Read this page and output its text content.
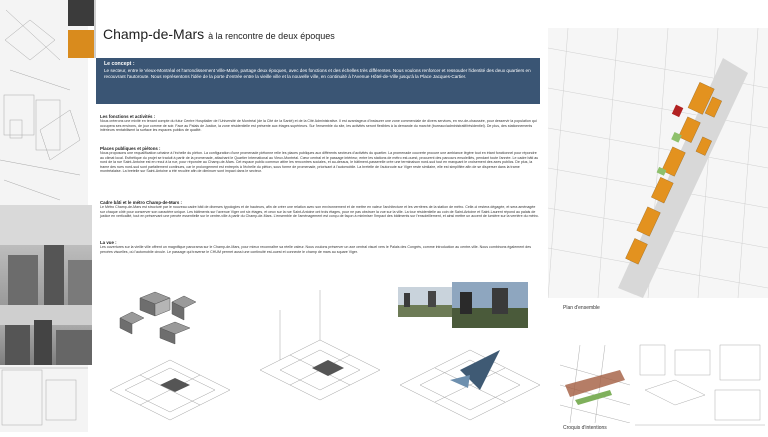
Champ-de-Mars à la rencontre de deux époques
Le concept :

Le secteur, entre le Vieux-Montréal et l'arrondissement Ville-Marie, partage deux époques, avec des fonctions et des échelles très différentes. Nous voulons renforcer et ressouder l'identité des deux quartiers en recouvrant l'autoroute. Nous représentons l'idée de la porte d'entrée entre la vieille ville et la nouvelle ville, en continuité à l'Avenue Hôtel-de-Ville jusqu'à la Place Jacques-Cartier.

Les fonctions et activités :

Nous créerons une mixité en tenant compte du futur Centre Hospitalier de l'Université de Montréal (de la Cité de la Santé) et de la Cité Administrative. Il est avantageux d'instaurer une zone commerciale de divers services, en rez-de-chaussée, pour desservir la population qui occupera ses environs, de jour comme de soir. Face au Palais de Justice, la zone résidentielle est présente aux étages supérieurs. Sur l'ensemble du site, les activités seront flexibles à la demande du marché (bureaux/administratif/résidentiel). De plus, des stationnements intérieurs rentabilisent la surface les espaces publics de qualité.

Places publiques et piétons :

Nous proposons une requalification urbaine à l'échelle du piéton. La configuration d'une promenade piétonne relie les places publiques aux différents secteurs d'activités du quartier. La promenade couverte procure une ambiance légère tout en étant fonctionnel pour répondre au climat local. Esthétique du projet se traduit à partir de la promenade, attachant le Quartier International au Vieux-Montréal. Cœur central et le passage intérieur, entre les stations de métro est-ouest, procurent des parcours ensoleillés, pendant toute l'année. Le cadre bâti au nord de la rue Saint-Antoine est en recul à la rue, pour répondre au Champ-de-Mars. Cet espace public commun attire les rencontres sociales, et au-dessus, le bâtiment-passerelle crée une terminaison nord-sud tout en marquant le croisement des axes publics. De plus, la trame des rues nord-sud sont parfaitement continues, car le prolongement est entrepris à l'échelle du piéton, sous forme de promenade, priorisant à l'automobile. La bretelle de l'autoroute sur Viger reste similaire, elle est simplifiée afin de se disperser dans la trame montréalaise. La bretelle sur Saint-Antoine a été reculée afin de diminuer sont impact dans le secteur.

Cadre bâti et le métro Champ-de-Mars :

Le Métro Champ-de-Mars est structuré par le nouveau cadre bâti de diverses typologies et de hauteurs, afin de créer une relation avec son environnement et de mettre en valeur l'architecture et les verrières de la station de métro. Celle-ci restera dégagée, et sera aménagée sur chaque côté pour conserver son caractère unique. Les bâtiments sur l'avenue Viger ont six étages, et ceux sur la rue Saint-Antoine ont trois étages, pour ne pas obstruer la vue sur la ville. La tour résidentielle au coin de Saint-Antoine et Saint-Laurent répond au palais de justice en verticalité, tout en préservant une percée essentielle sur le centre-ville à partir du Champ-de-Mars. L'ensemble de l'aménagement est conçu de façon à minimiser l'impact des bâtiments sur l'ensoleillement, et ainsi mettre un accent de lumière sur la verrière du métro.

La vue :

Les ouvertures sur la vieille ville offrent un magnifique panorama sur le Champ-de-Mars, pour mieux reconnaître sa réelle valeur. Nous voulons préserver un axe central visuel vers le Palais des Congrès, comme introduction au centre-ville. Nous combinons également des percées visuelles, où l'automobile circule. Le passage qui traverse le CHUM permet aussi une continuité est-ouest et connecte le champ de mars au square Viger.

Plan d'ensemble
Croquis d'intentions
